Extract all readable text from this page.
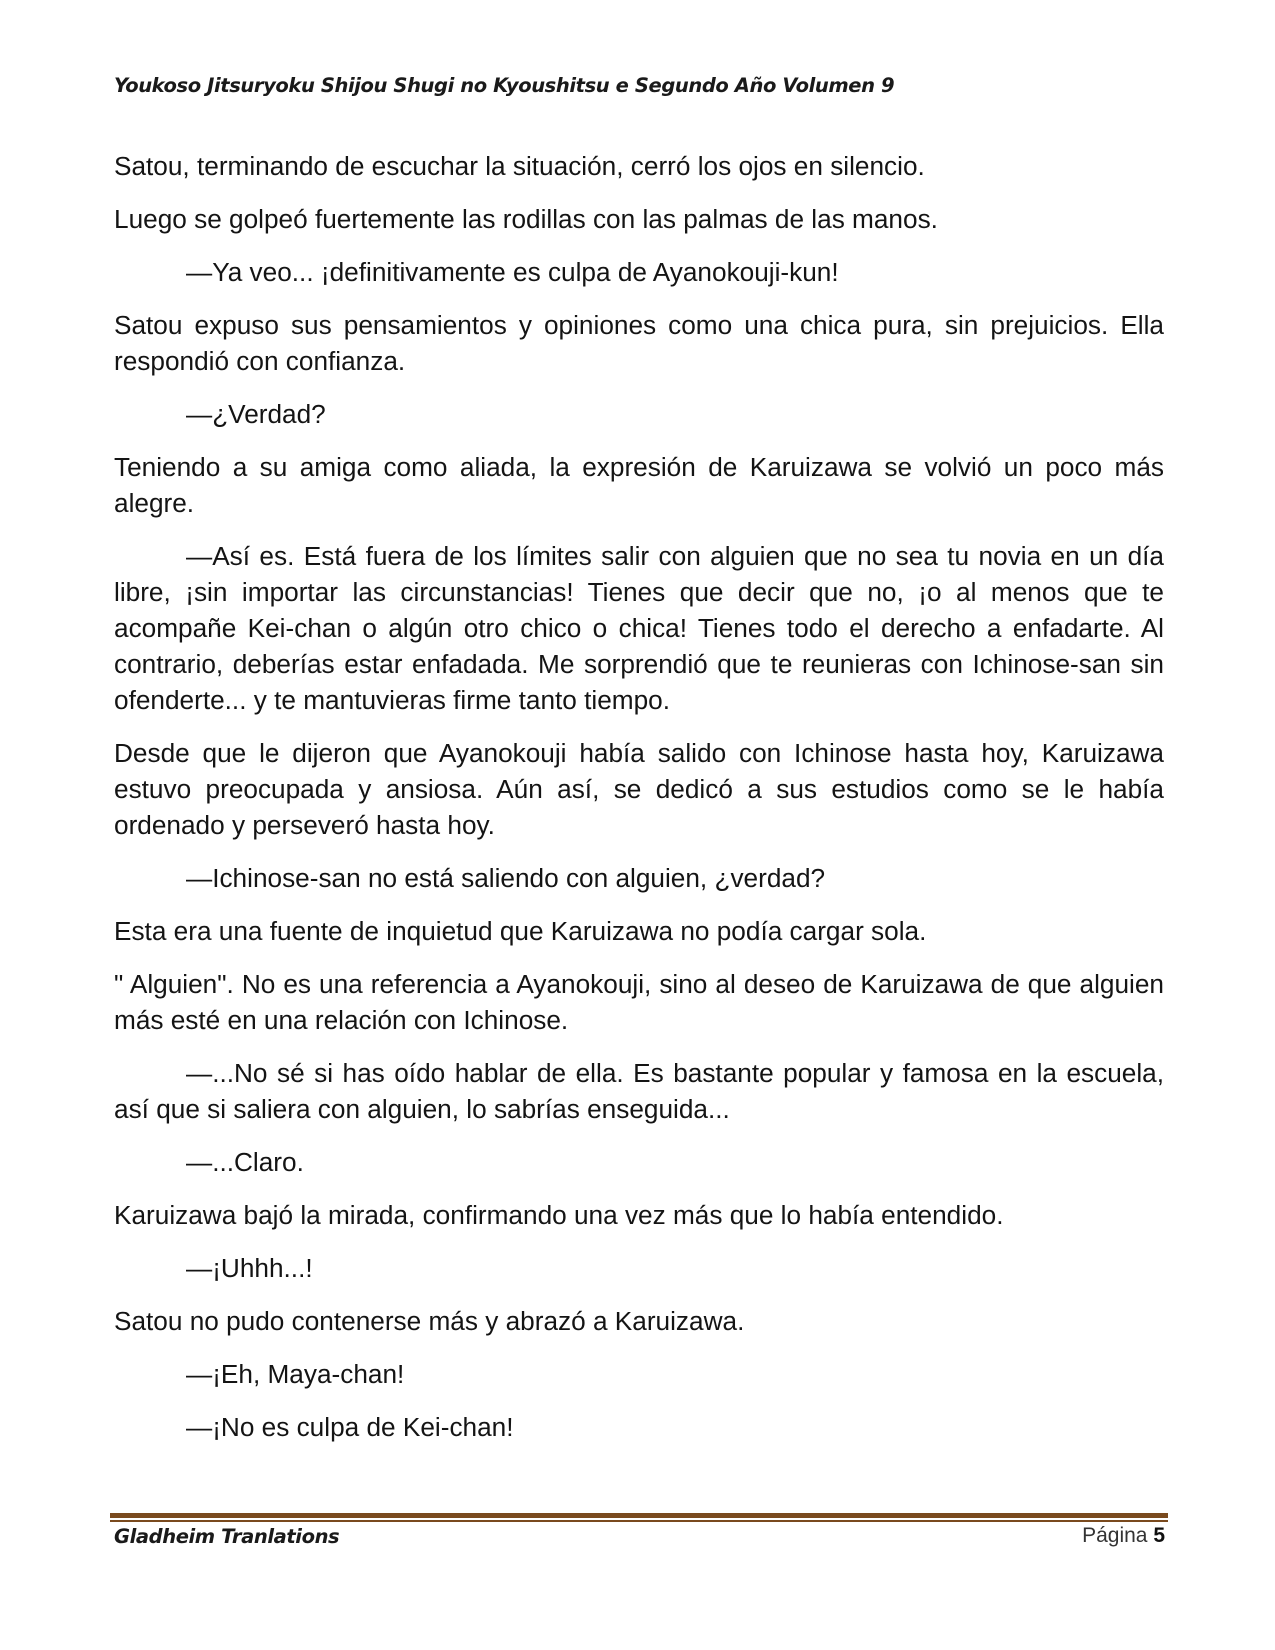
Youkoso Jitsuryoku Shijou Shugi no Kyoushitsu e Segundo Año Volumen 9

Satou, terminando de escuchar la situación, cerró los ojos en silencio.

Luego se golpeó fuertemente las rodillas con las palmas de las manos.

—Ya veo... ¡definitivamente es culpa de Ayanokouji-kun!

Satou expuso sus pensamientos y opiniones como una chica pura, sin prejuicios. Ella respondió con confianza.

—¿Verdad?

Teniendo a su amiga como aliada, la expresión de Karuizawa se volvió un poco más alegre.

—Así es. Está fuera de los límites salir con alguien que no sea tu novia en un día libre, ¡sin importar las circunstancias! Tienes que decir que no, ¡o al menos que te acompañe Kei-chan o algún otro chico o chica! Tienes todo el derecho a enfadarte. Al contrario, deberías estar enfadada. Me sorprendió que te reunieras con Ichinose-san sin ofenderte... y te mantuvieras firme tanto tiempo.

Desde que le dijeron que Ayanokouji había salido con Ichinose hasta hoy, Karuizawa estuvo preocupada y ansiosa. Aún así, se dedicó a sus estudios como se le había ordenado y perseveró hasta hoy.

—Ichinose-san no está saliendo con alguien, ¿verdad?

Esta era una fuente de inquietud que Karuizawa no podía cargar sola.

" Alguien". No es una referencia a Ayanokouji, sino al deseo de Karuizawa de que alguien más esté en una relación con Ichinose.

—...No sé si has oído hablar de ella. Es bastante popular y famosa en la escuela, así que si saliera con alguien, lo sabrías enseguida...

—...Claro.

Karuizawa bajó la mirada, confirmando una vez más que lo había entendido.

—¡Uhhh...!

Satou no pudo contenerse más y abrazó a Karuizawa.

—¡Eh, Maya-chan!

—¡No es culpa de Kei-chan!

Gladheim Tranlations	Página 5
